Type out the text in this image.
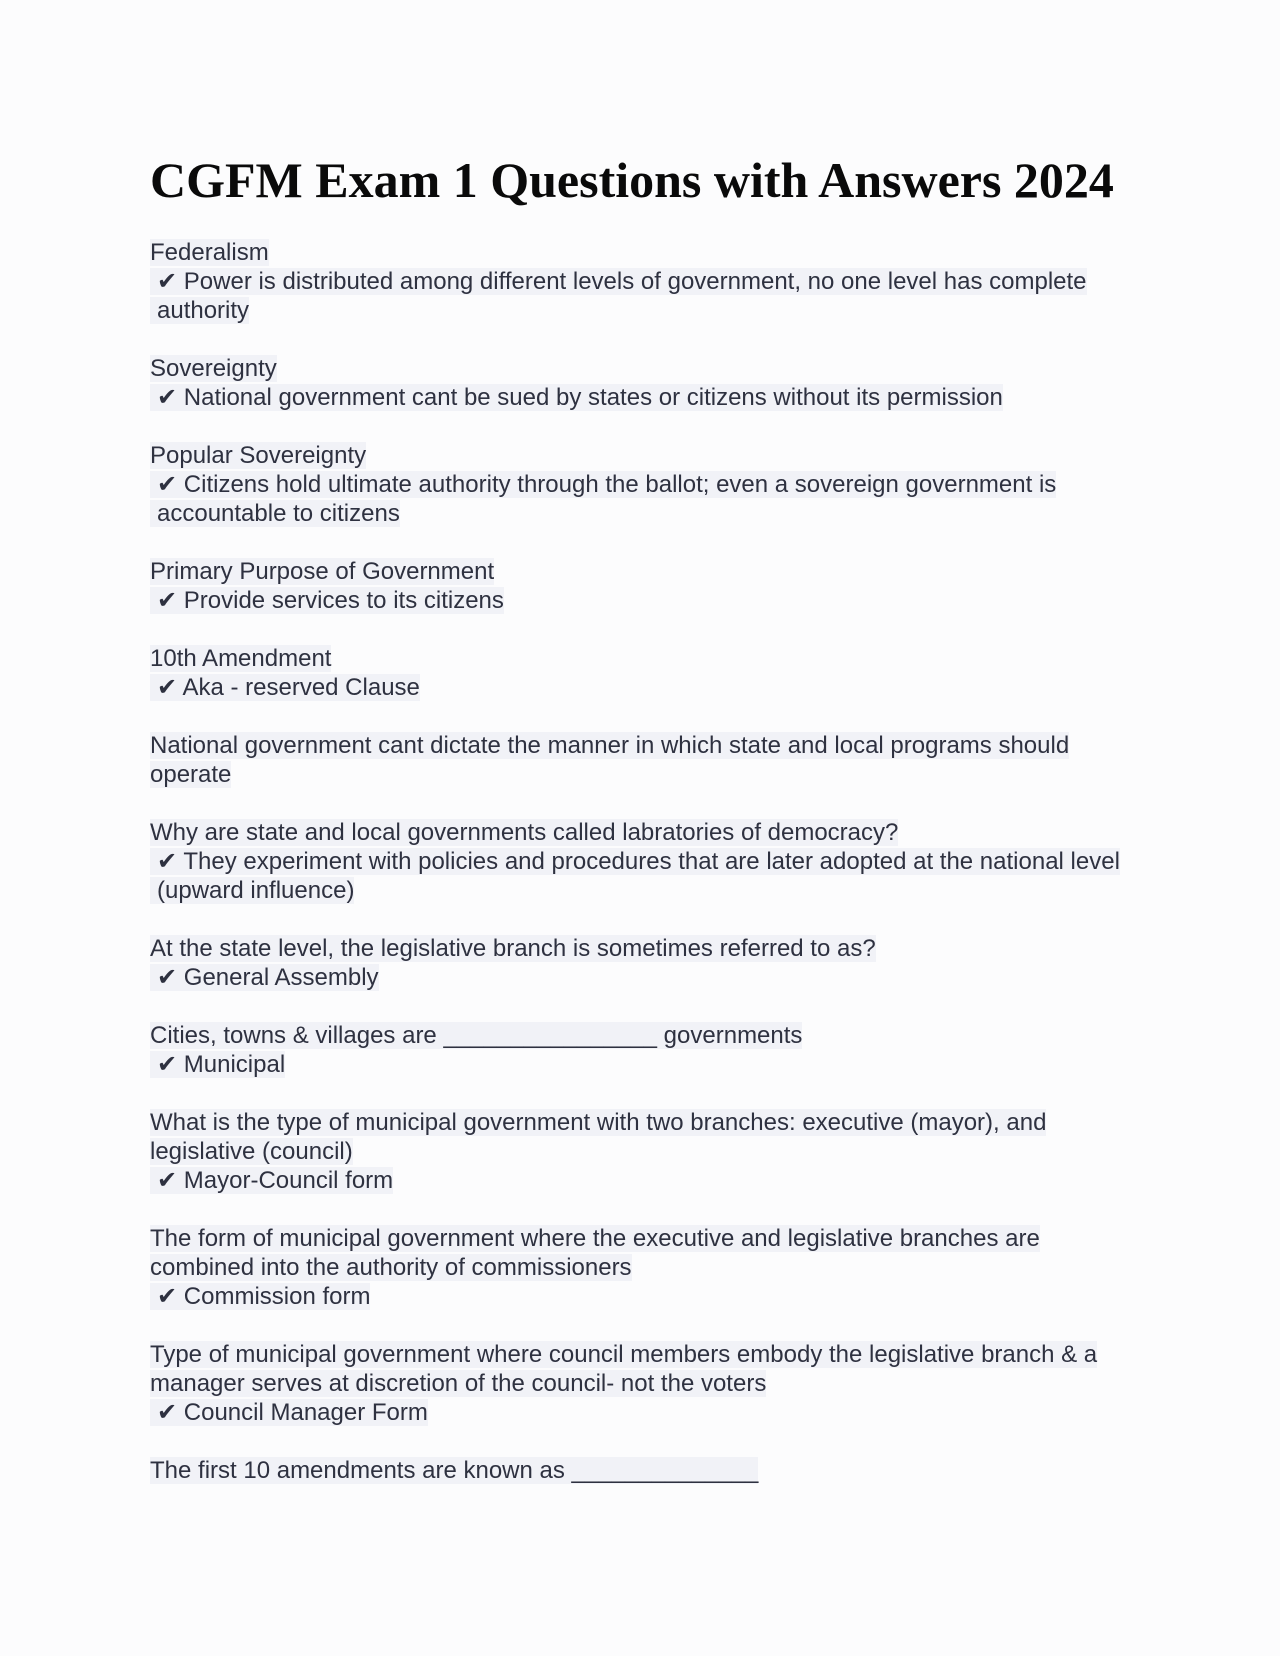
CGFM Exam 1 Questions with Answers 2024
Federalism
✔ Power is distributed among different levels of government, no one level has complete authority
Sovereignty
✔ National government cant be sued by states or citizens without its permission
Popular Sovereignty
✔ Citizens hold ultimate authority through the ballot; even a sovereign government is accountable to citizens
Primary Purpose of Government
✔ Provide services to its citizens
10th Amendment
✔ Aka - reserved Clause
National government cant dictate the manner in which state and local programs should operate
Why are state and local governments called labratories of democracy?
✔ They experiment with policies and procedures that are later adopted at the national level (upward influence)
At the state level, the legislative branch is sometimes referred to as?
✔ General Assembly
Cities, towns & villages are ________________ governments
✔ Municipal
What is the type of municipal government with two branches: executive (mayor), and legislative (council)
✔ Mayor-Council form
The form of municipal government where the executive and legislative branches are combined into the authority of commissioners
✔ Commission form
Type of municipal government where council members embody the legislative branch & a manager serves at discretion of the council- not the voters
✔ Council Manager Form
The first 10 amendments are known as ______________
